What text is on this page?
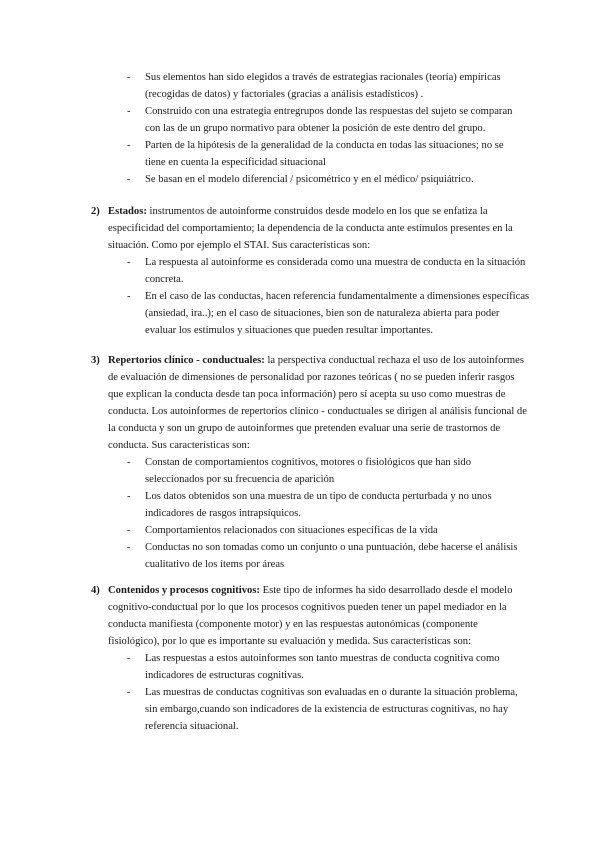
-	Sus elementos han sido elegidos a través de estrategias racionales (teoría) empíricas (recogidas de datos) y factoriales (gracias a análisis estadísticos) .
-	Construido con una estrategia entregrupos donde las respuestas del sujeto se comparan con las de un grupo normativo para obtener la posición de este dentro del grupo.
-	Parten de la hipótesis de la generalidad de la conducta en todas las situaciones; no se tiene en cuenta la especificidad situacional
-	Se basan en el modelo diferencial / psicométrico y en el médico/ psiquiátrico.
2) Estados: instrumentos de autoinforme construidos desde modelo en los que se enfatiza la especificidad del comportamiento; la dependencia de la conducta ante estímulos presentes en la situación. Como por ejemplo el STAI. Sus características son:
-	La respuesta al autoinforme es considerada como una muestra de conducta en la situación concreta.
-	En el caso de las conductas, hacen referencia fundamentalmente a dimensiones específicas (ansiedad, ira..); en el caso de situaciones, bien son de naturaleza abierta para poder evaluar los estímulos y situaciones que pueden resultar importantes.
3) Repertorios clínico - conductuales: la perspectiva conductual rechaza el uso de los autoinformes de evaluación de dimensiones de personalidad por razones teóricas ( no se pueden inferir rasgos que explican la conducta desde tan poca información) pero sí acepta su uso como muestras de conducta. Los autoinformes de repertorios clínico - conductuales se dirigen al análisis funcional de la conducta y son un grupo de autoinformes que pretenden evaluar una serie de trastornos de conducta. Sus características son:
-	Constan de comportamientos cognitivos, motores o fisiológicos que han sido seleccionados por su frecuencia de aparición
-	Los datos obtenidos son una muestra de un tipo de conducta perturbada y no unos indicadores de rasgos intrapsíquicos.
-	Comportamientos relacionados con situaciones específicas de la vida
-	Conductas no son tomadas como un conjunto o una puntuación, debe hacerse el análisis cualitativo de los ítems por áreas
4) Contenidos y procesos cognitivos: Este tipo de informes ha sido desarrollado desde el modelo cognitivo-conductual por lo que los procesos cognitivos pueden tener un papel mediador en la conducta manifiesta (componente motor) y en las respuestas autonómicas (componente fisiológico), por lo que es importante su evaluación y medida. Sus características son:
-	Las respuestas a estos autoinformes son tanto muestras de conducta cognitiva como indicadores de estructuras cognitivas.
-	Las muestras de conductas cognitivas son evaluadas en o durante la situación problema, sin embargo,cuando son indicadores de la existencia de estructuras cognitivas, no hay referencia situacional.
